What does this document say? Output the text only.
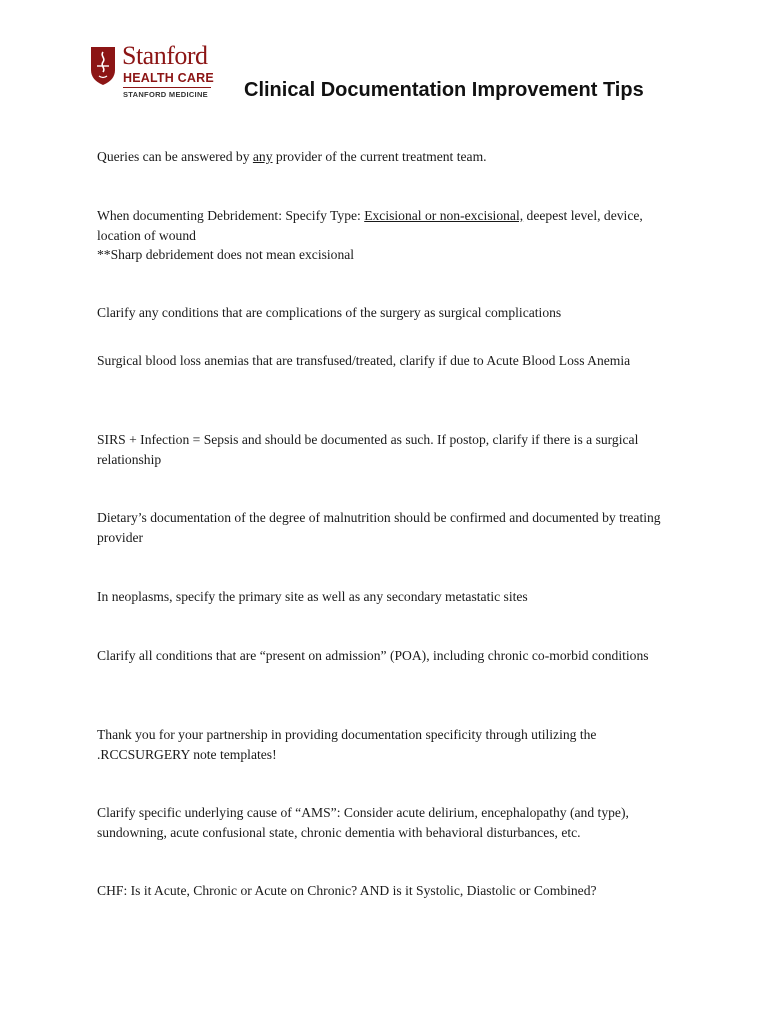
Stanford
HEALTH CARE
STANFORD MEDICINE Clinical Documentation Improvement Tips

Queries can be answered by any provider of the current treatment team.

When documenting Debridement: Specify Type: Excisional or non-excisional, deepest level, device, location of wound

**Sharp debridement does not mean excisional

Clarify any conditions that are complications of the surgery as surgical complications
Surgical blood loss anemias that are transfused/treated, clarify if due to Acute Blood Loss Anemia
SIRS + Infection = Sepsis and should be documented as such. If postop, clarify if there is a surgical relationship
Dietary’s documentation of the degree of malnutrition should be confirmed and documented by treating provider
In neoplasms, specify the primary site as well as any secondary metastatic sites
Clarify all conditions that are “present on admission” (POA), including chronic co-morbid conditions
Thank you for your partnership in providing documentation specificity through utilizing the .RCCSURGERY note templates!
Clarify specific underlying cause of “AMS”: Consider acute delirium, encephalopathy (and type), sundowning, acute confusional state, chronic dementia with behavioral disturbances, etc.
CHF: Is it Acute, Chronic or Acute on Chronic? AND is it Systolic, Diastolic or Combined?
